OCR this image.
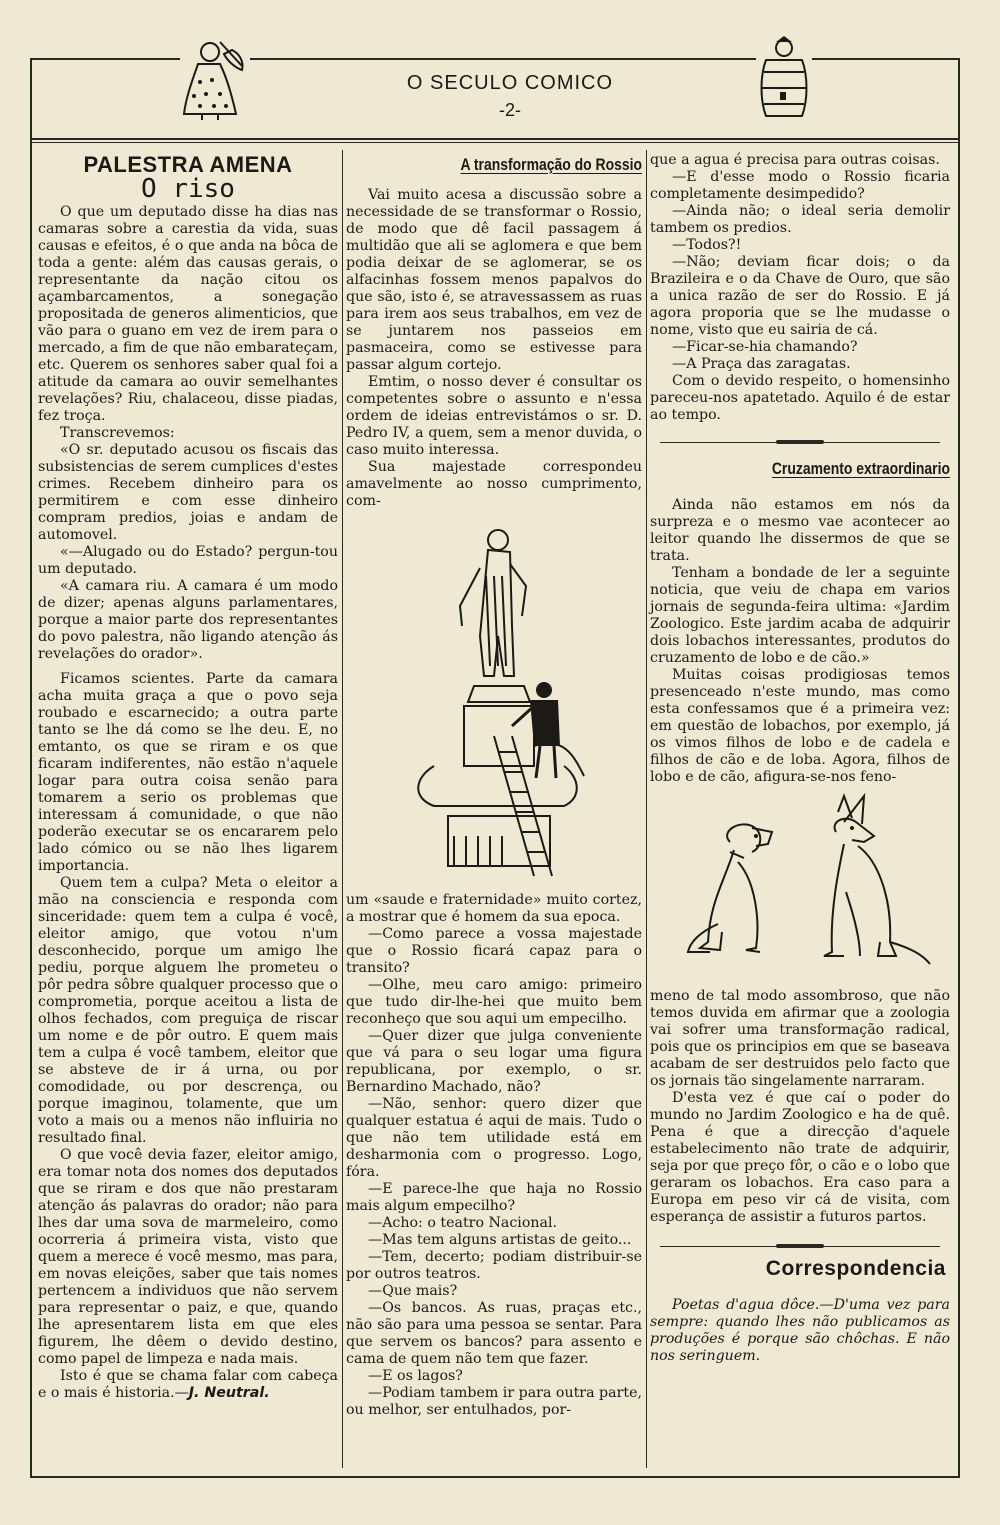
O SECULO COMICO
-2-
PALESTRA AMENA
O riso

O que um deputado disse ha dias nas camaras sobre a carestia da vida, suas causas e efeitos, é o que anda na bôca de toda a gente: além das causas gerais, o representante da nação citou os açambarcamentos, a sonegação propositada de generos alimenticios, que vão para o guano em vez de irem para o mercado, a fim de que não embarateçam, etc. Querem os senhores saber qual foi a atitude da camara ao ouvir semelhantes revelações? Riu, chalaceou, disse piadas, fez troça.

Transcrevemos:

«O sr. deputado acusou os fiscais das subsistencias de serem cumplices d'estes crimes. Recebem dinheiro para os permitirem e com esse dinheiro compram predios, joias e andam de automovel.

«—Alugado ou do Estado? pergun-tou um deputado.

«A camara riu. A camara é um modo de dizer; apenas alguns parlamentares, porque a maior parte dos representantes do povo palestra, não ligando atenção ás revelações do orador».

Ficamos scientes. Parte da camara acha muita graça a que o povo seja roubado e escarnecido; a outra parte tanto se lhe dá como se lhe deu. E, no emtanto, os que se riram e os que ficaram indiferentes, não estão n'aquele logar para outra coisa senão para tomarem a serio os problemas que interessam á comunidade, o que não poderão executar se os encararem pelo lado cómico ou se não lhes ligarem importancia.

Quem tem a culpa? Meta o eleitor a mão na consciencia e responda com sinceridade: quem tem a culpa é você, eleitor amigo, que votou n'um desconhecido, porque um amigo lhe pediu, porque alguem lhe prometeu o pôr pedra sôbre qualquer processo que o comprometia, porque aceitou a lista de olhos fechados, com preguiça de riscar um nome e de pôr outro. E quem mais tem a culpa é você tambem, eleitor que se absteve de ir á urna, ou por comodidade, ou por descrença, ou porque imaginou, tolamente, que um voto a mais ou a menos não influiria no resultado final.

O que você devia fazer, eleitor amigo, era tomar nota dos nomes dos deputados que se riram e dos que não prestaram atenção ás palavras do orador; não para lhes dar uma sova de marmeleiro, como ocorreria á primeira vista, visto que quem a merece é você mesmo, mas para, em novas eleições, saber que tais nomes pertencem a individuos que não servem para representar o paiz, e que, quando lhe apresentarem lista em que eles figurem, lhe dêem o devido destino, como papel de limpeza e nada mais.

Isto é que se chama falar com cabeça e o mais é historia.—J. Neutral.

A transformação do Rossio

Vai muito acesa a discussão sobre a necessidade de se transformar o Rossio, de modo que dê facil passagem á multidão que ali se aglomera e que bem podia deixar de se aglomerar, se os alfacinhas fossem menos papalvos do que são, isto é, se atravessassem as ruas para irem aos seus trabalhos, em vez de se juntarem nos passeios em pasmaceira, como se estivesse para passar algum cortejo.

Emtim, o nosso dever é consultar os competentes sobre o assunto e n'essa ordem de ideias entrevistámos o sr. D. Pedro IV, a quem, sem a menor duvida, o caso muito interessa.

Sua majestade correspondeu amavelmente ao nosso cumprimento, com-

um «saude e fraternidade» muito cortez, a mostrar que é homem da sua epoca.

—Como parece a vossa majestade que o Rossio ficará capaz para o transito?

—Olhe, meu caro amigo: primeiro que tudo dir-lhe-hei que muito bem reconheço que sou aqui um empecilho.

—Quer dizer que julga conveniente que vá para o seu logar uma figura republicana, por exemplo, o sr. Bernardino Machado, não?

—Não, senhor: quero dizer que qualquer estatua é aqui de mais. Tudo o que não tem utilidade está em desharmonia com o progresso. Logo, fóra.

—E parece-lhe que haja no Rossio mais algum empecilho?

—Acho: o teatro Nacional.

—Mas tem alguns artistas de geito...

—Tem, decerto; podiam distribuir-se por outros teatros.

—Que mais?

—Os bancos. As ruas, praças etc., não são para uma pessoa se sentar. Para que servem os bancos? para assento e cama de quem não tem que fazer.

—E os lagos?

—Podiam tambem ir para outra parte, ou melhor, ser entulhados, por-

que a agua é precisa para outras coisas.

—E d'esse modo o Rossio ficaria completamente desimpedido?

—Ainda não; o ideal seria demolir tambem os predios.

—Todos?!

—Não; deviam ficar dois; o da Brazileira e o da Chave de Ouro, que são a unica razão de ser do Rossio. E já agora proporia que se lhe mudasse o nome, visto que eu sairia de cá.

—Ficar-se-hia chamando?

—A Praça das zaragatas.

Com o devido respeito, o homensinho pareceu-nos apatetado. Aquilo é de estar ao tempo.

Cruzamento extraordinario

Ainda não estamos em nós da surpreza e o mesmo vae acontecer ao leitor quando lhe dissermos de que se trata.

Tenham a bondade de ler a seguinte noticia, que veiu de chapa em varios jornais de segunda-feira ultima: «Jardim Zoologico. Este jardim acaba de adquirir dois lobachos interessantes, produtos do cruzamento de lobo e de cão.»

Muitas coisas prodigiosas temos presenceado n'este mundo, mas como esta confessamos que é a primeira vez: em questão de lobachos, por exemplo, já os vimos filhos de lobo e de cadela e filhos de cão e de loba. Agora, filhos de lobo e de cão, afigura-se-nos feno-

meno de tal modo assombroso, que não temos duvida em afirmar que a zoologia vai sofrer uma transformação radical, pois que os principios em que se baseava acabam de ser destruidos pelo facto que os jornais tão singelamente narraram.

D'esta vez é que caí o poder do mundo no Jardim Zoologico e ha de quê. Pena é que a direcção d'aquele estabelecimento não trate de adquirir, seja por que preço fôr, o cão e o lobo que geraram os lobachos. Era caso para a Europa em peso vir cá de visita, com esperança de assistir a futuros partos.

Correspondencia

Poetas d'agua dôce.—D'uma vez para sempre: quando lhes não publicamos as produções é porque são chôchas. E não nos seringuem.
